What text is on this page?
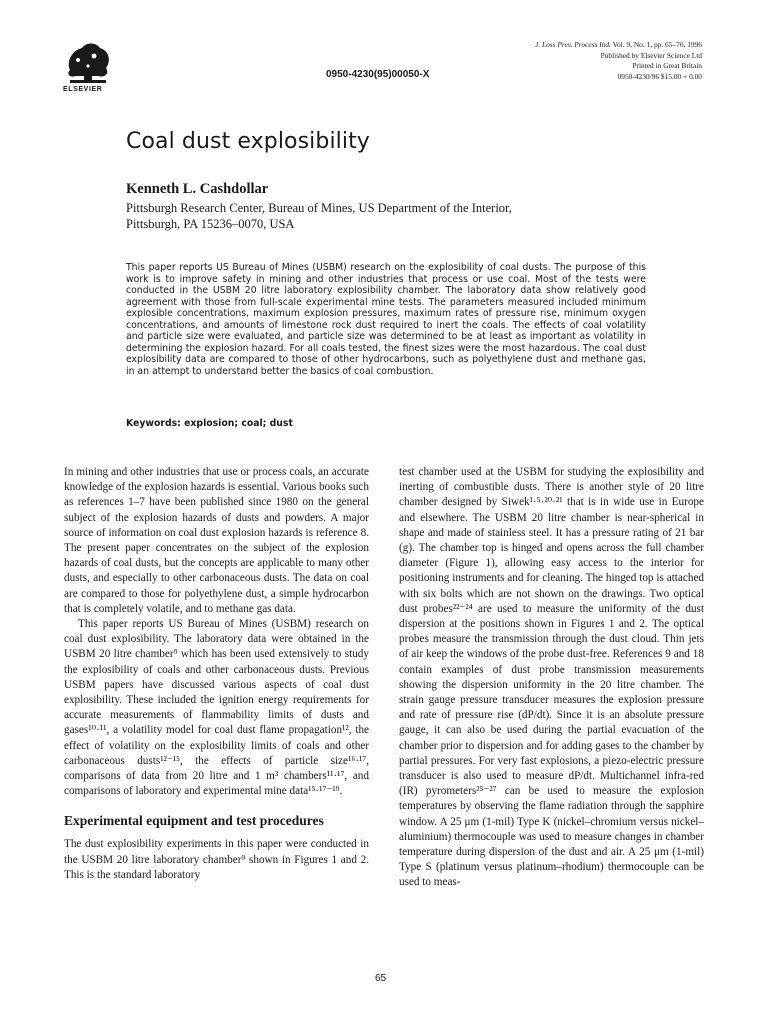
ELSEVIER
0950-4230(95)00050-X
J. Loss Prev. Process Ind. Vol. 9, No. 1, pp. 65–76, 1996
Published by Elsevier Science Ltd
Printed in Great Britain
0950-4230/96 $15.00 + 0.00
Coal dust explosibility
Kenneth L. Cashdollar
Pittsburgh Research Center, Bureau of Mines, US Department of the Interior,
Pittsburgh, PA 15236–0070, USA

This paper reports US Bureau of Mines (USBM) research on the explosibility of coal dusts. The purpose of this work is to improve safety in mining and other industries that process or use coal. Most of the tests were conducted in the USBM 20 litre laboratory explosibility chamber. The laboratory data show relatively good agreement with those from full-scale experimental mine tests. The parameters measured included minimum explosible concentrations, maximum explosion pressures, maximum rates of pressure rise, minimum oxygen concentrations, and amounts of limestone rock dust required to inert the coals. The effects of coal volatility and particle size were evaluated, and particle size was determined to be at least as important as volatility in determining the explosion hazard. For all coals tested, the finest sizes were the most hazardous. The coal dust explosibility data are compared to those of other hydrocarbons, such as polyethylene dust and methane gas, in an attempt to understand better the basics of coal combustion.

Keywords: explosion; coal; dust

In mining and other industries that use or process coals, an accurate knowledge of the explosion hazards is essential. Various books such as references 1–7 have been published since 1980 on the general subject of the explosion hazards of dusts and powders. A major source of information on coal dust explosion hazards is reference 8. The present paper concentrates on the subject of the explosion hazards of coal dusts, but the concepts are applicable to many other dusts, and especially to other carbonaceous dusts. The data on coal are compared to those for polyethylene dust, a simple hydrocarbon that is completely volatile, and to methane gas data.

This paper reports US Bureau of Mines (USBM) research on coal dust explosibility. The laboratory data were obtained in the USBM 20 litre chamber⁹ which has been used extensively to study the explosibility of coals and other carbonaceous dusts. Previous USBM papers have discussed various aspects of coal dust explosibility. These included the ignition energy requirements for accurate measurements of flammability limits of dusts and gases¹⁰·¹¹, a volatility model for coal dust flame propagation¹², the effect of volatility on the explosibility limits of coals and other carbonaceous dusts¹²⁻¹⁵, the effects of particle size¹⁶·¹⁷, comparisons of data from 20 litre and 1 m³ chambers¹¹·¹⁷, and comparisons of laboratory and experimental mine data¹⁵·¹⁷⁻¹⁹.

Experimental equipment and test procedures

The dust explosibility experiments in this paper were conducted in the USBM 20 litre laboratory chamber⁹ shown in Figures 1 and 2. This is the standard laboratory

test chamber used at the USBM for studying the explosibility and inerting of combustible dusts. There is another style of 20 litre chamber designed by Siwek¹·⁵·²⁰·²¹ that is in wide use in Europe and elsewhere. The USBM 20 litre chamber is near-spherical in shape and made of stainless steel. It has a pressure rating of 21 bar (g). The chamber top is hinged and opens across the full chamber diameter (Figure 1), allowing easy access to the interior for positioning instruments and for cleaning. The hinged top is attached with six bolts which are not shown on the drawings. Two optical dust probes²²⁻²⁴ are used to measure the uniformity of the dust dispersion at the positions shown in Figures 1 and 2. The optical probes measure the transmission through the dust cloud. Thin jets of air keep the windows of the probe dust-free. References 9 and 18 contain examples of dust probe transmission measurements showing the dispersion uniformity in the 20 litre chamber. The strain gauge pressure transducer measures the explosion pressure and rate of pressure rise (dP/dt). Since it is an absolute pressure gauge, it can also be used during the partial evacuation of the chamber prior to dispersion and for adding gases to the chamber by partial pressures. For very fast explosions, a piezo-electric pressure transducer is also used to measure dP/dt. Multichannel infra-red (IR) pyrometers²⁵⁻²⁷ can be used to measure the explosion temperatures by observing the flame radiation through the sapphire window. A 25 μm (1-mil) Type K (nickel–chromium versus nickel–aluminium) thermocouple was used to measure changes in chamber temperature during dispersion of the dust and air. A 25 μm (1-mil) Type S (platinum versus platinum–rhodium) thermocouple can be used to meas-

65
